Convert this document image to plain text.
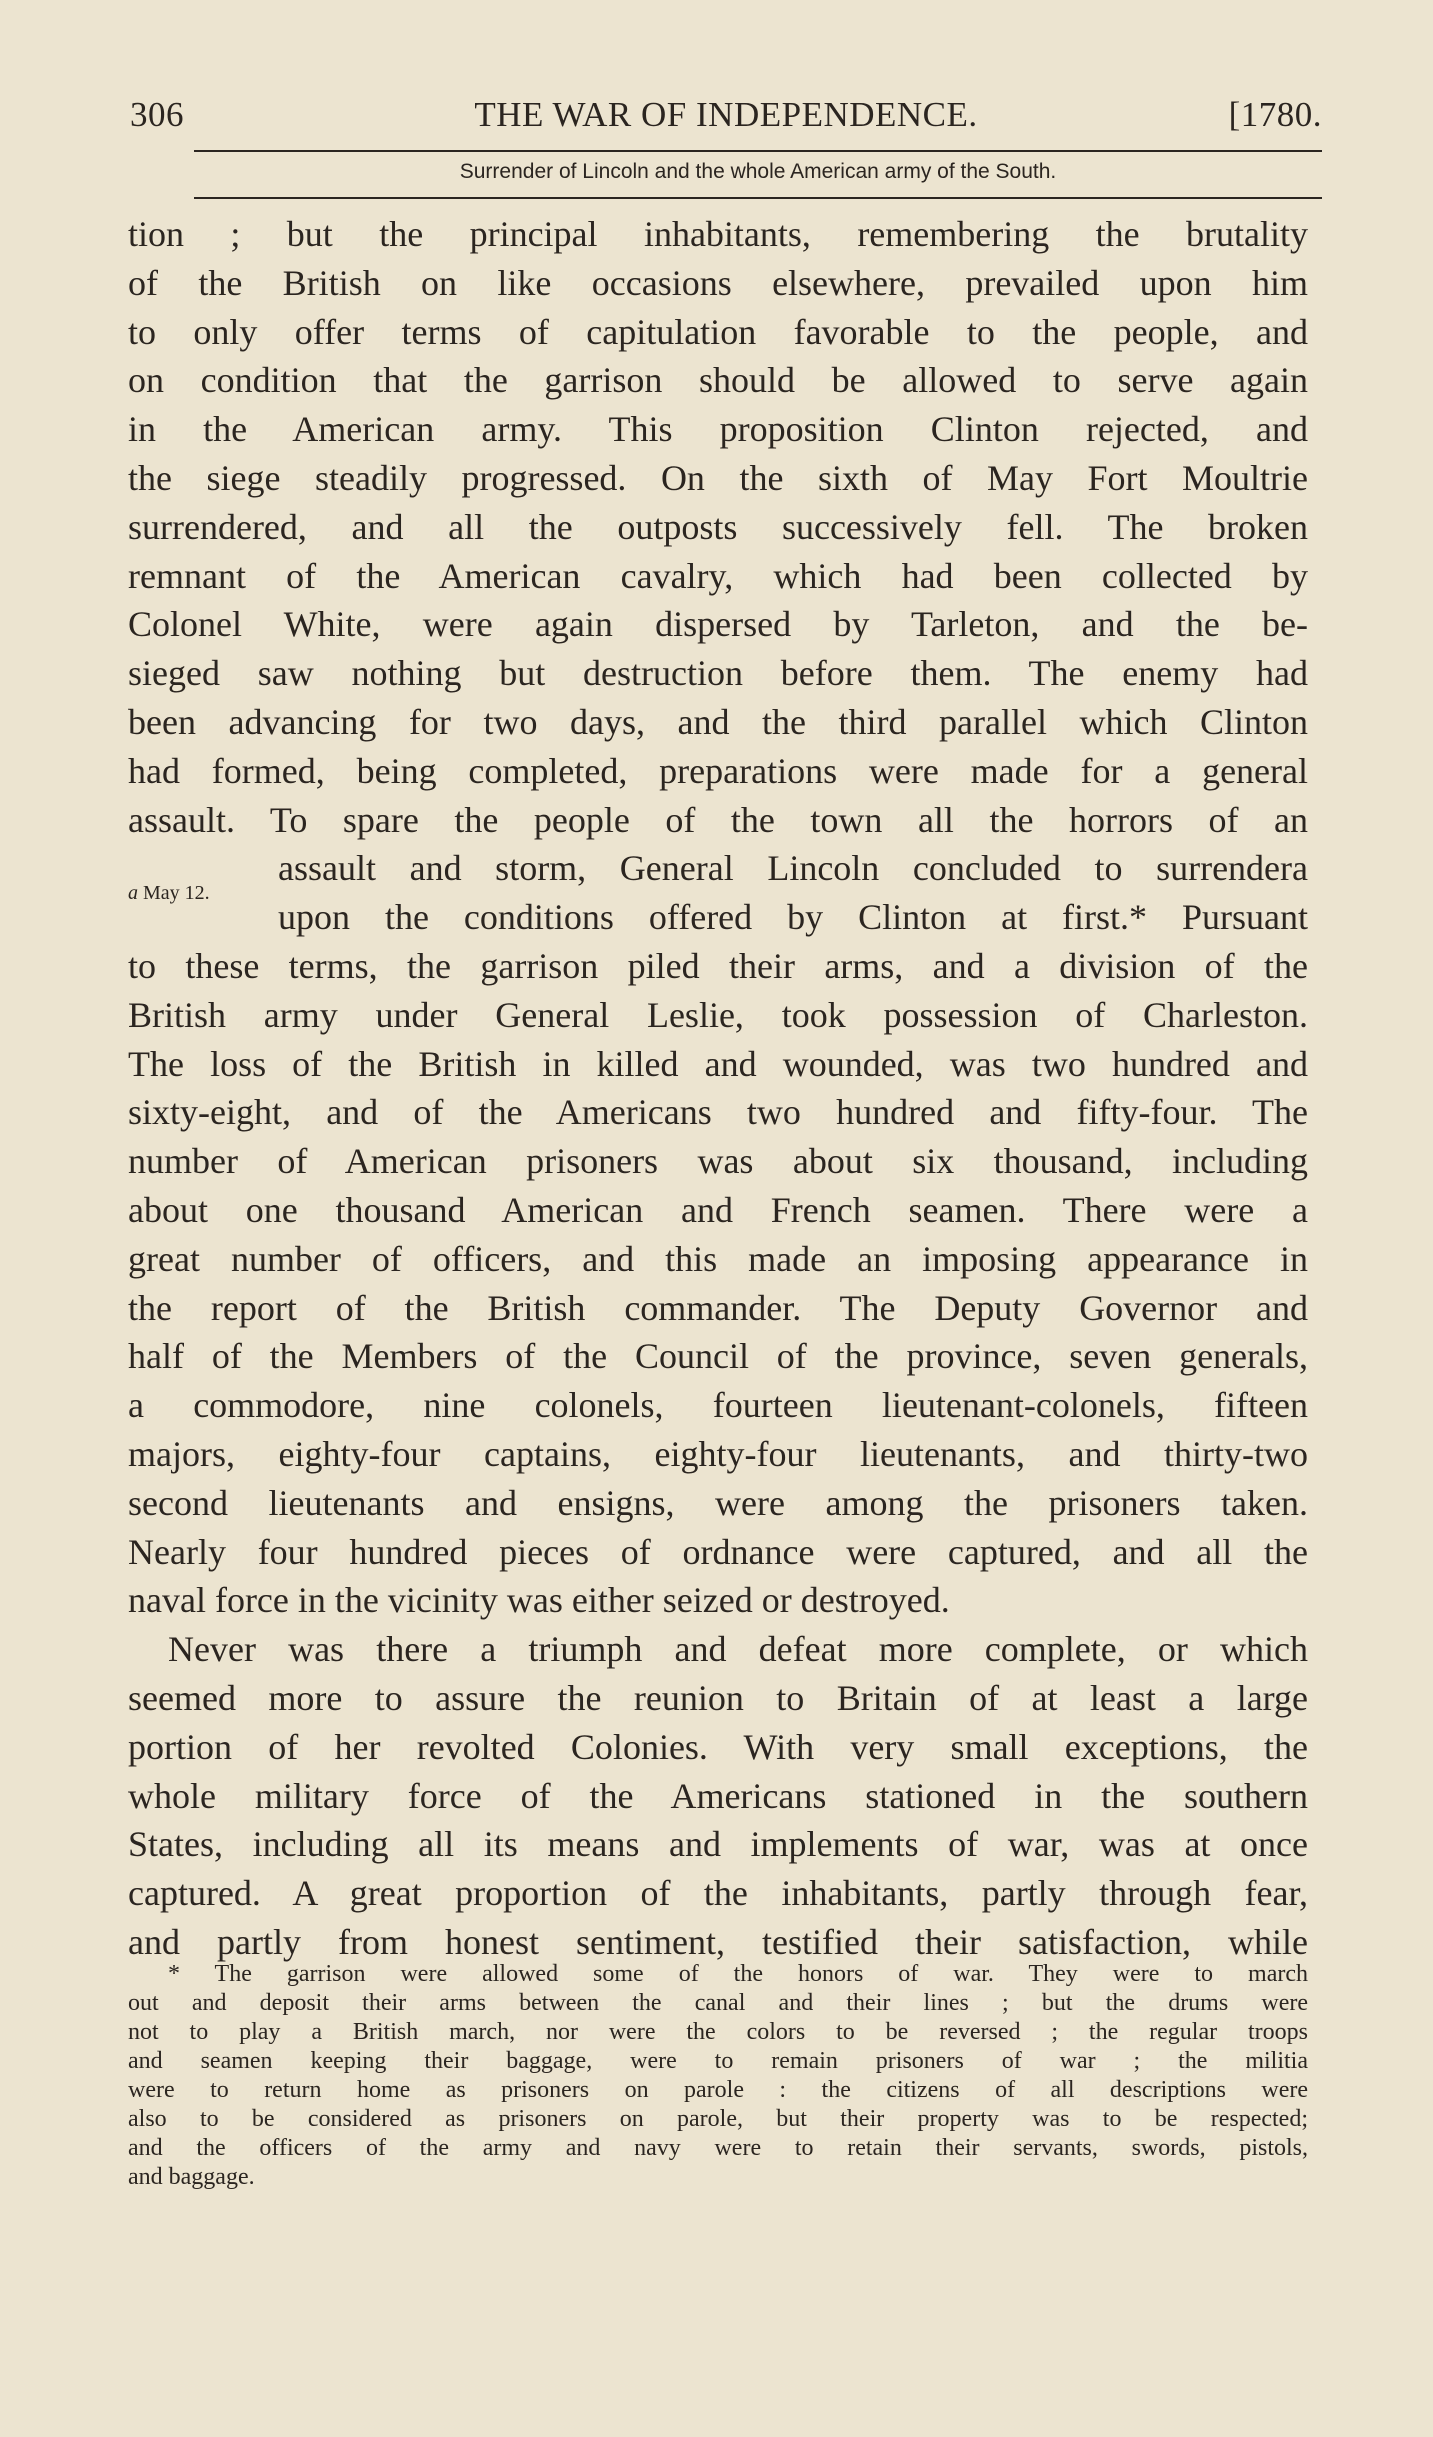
306	THE WAR OF INDEPENDENCE.	[1780.
Surrender of Lincoln and the whole American army of the South.
a May 12.
tion ; but the principal inhabitants, remembering the brutality
of the British on like occasions elsewhere, prevailed upon him
to only offer terms of capitulation favorable to the people, and
on condition that the garrison should be allowed to serve again
in the American army. This proposition Clinton rejected, and
the siege steadily progressed. On the sixth of May Fort Moultrie
surrendered, and all the outposts successively fell. The broken
remnant of the American cavalry, which had been collected by
Colonel White, were again dispersed by Tarleton, and the be-
sieged saw nothing but destruction before them. The enemy had
been advancing for two days, and the third parallel which Clinton
had formed, being completed, preparations were made for a general
assault. To spare the people of the town all the horrors of an
assault and storm, General Lincoln concluded to surrendera
upon the conditions offered by Clinton at first.* Pursuant
to these terms, the garrison piled their arms, and a division of the
British army under General Leslie, took possession of Charleston.
The loss of the British in killed and wounded, was two hundred and
sixty-eight, and of the Americans two hundred and fifty-four. The
number of American prisoners was about six thousand, including
about one thousand American and French seamen. There were a
great number of officers, and this made an imposing appearance in
the report of the British commander. The Deputy Governor and
half of the Members of the Council of the province, seven generals,
a commodore, nine colonels, fourteen lieutenant-colonels, fifteen
majors, eighty-four captains, eighty-four lieutenants, and thirty-two
second lieutenants and ensigns, were among the prisoners taken.
Nearly four hundred pieces of ordnance were captured, and all the
naval force in the vicinity was either seized or destroyed.
Never was there a triumph and defeat more complete, or which
seemed more to assure the reunion to Britain of at least a large
portion of her revolted Colonies. With very small exceptions, the
whole military force of the Americans stationed in the southern
States, including all its means and implements of war, was at once
captured. A great proportion of the inhabitants, partly through fear,
and partly from honest sentiment, testified their satisfaction, while
* The garrison were allowed some of the honors of war. They were to march
out and deposit their arms between the canal and their lines ; but the drums were
not to play a British march, nor were the colors to be reversed ; the regular troops
and seamen keeping their baggage, were to remain prisoners of war ; the militia
were to return home as prisoners on parole : the citizens of all descriptions were
also to be considered as prisoners on parole, but their property was to be respected;
and the officers of the army and navy were to retain their servants, swords, pistols,
and baggage.
